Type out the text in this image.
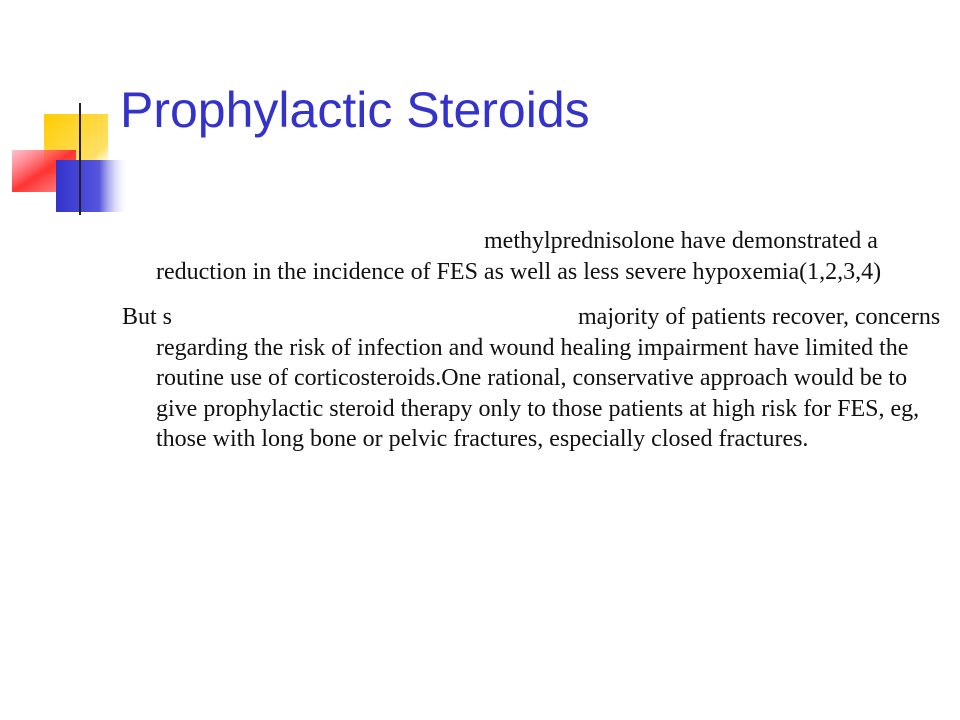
Prophylactic Steroids

methylprednisolone have demonstrated a reduction in the incidence of FES as well as less severe hypoxemia(1,2,3,4)

But s	majority of patients recover, concerns regarding the risk of infection and wound healing impairment have limited the routine use of corticosteroids.One rational, conservative approach would be to give prophylactic steroid therapy only to those patients at high risk for FES, eg, those with long bone or pelvic fractures, especially closed fractures.
